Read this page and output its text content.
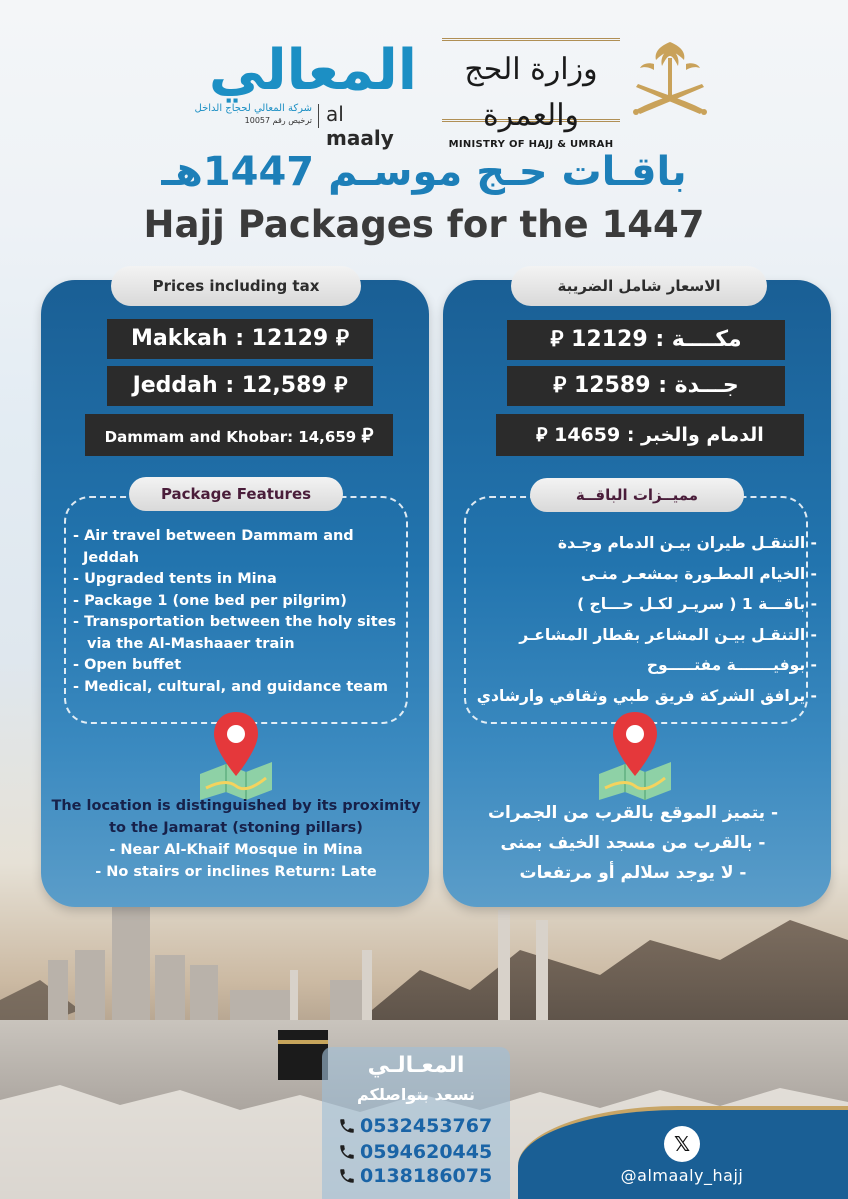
المعالي
شركة المعالي لحجاج الداخل
ترخيص رقم 10057 al maaly
وزارة الحج والعمرة
MINISTRY OF HAJJ & UMRAH
باقـات حـج موسـم 1447هـ
Hajj Packages for the 1447
Prices including tax
Makkah : 12129 ⃁
Jeddah : 12,589 ⃁
Dammam and Khobar: 14,659 ⃁
Package Features
- Air travel between Dammam and
Jeddah
- Upgraded tents in Mina
- Package 1 (one bed per pilgrim)
- Transportation between the holy sites
via the Al-Mashaaer train
- Open buffet
- Medical, cultural, and guidance team
The location is distinguished by its proximity
to the Jamarat (stoning pillars)
- Near Al-Khaif Mosque in Mina
- No stairs or inclines Return: Late
الاسعار شامل الضريبة
مكــــة : 12129 ⃁
جـــدة : 12589 ⃁
الدمام والخبر : 14659 ⃁
مميــزات الباقــة
- التنقـل طيران بيـن الدمام وجـدة
- الخيام المطـورة بمشعـر منـى
- باقـــة 1 ( سريـر لكـل حـــاج )
- التنقـل بيـن المشاعر بقطار المشاعـر
- بوفيـــــــة مفتـــــوح
- يرافق الشركة فريق طبي وثقافي وارشادي
- يتميز الموقع بالقرب من الجمرات
- بالقرب من مسجد الخيف بمنى
- لا يوجد سلالم أو مرتفعات
المعـالـي
نسعد بتواصلكم
0532453767
0594620445
0138186075
𝕏
@almaaly_hajj
